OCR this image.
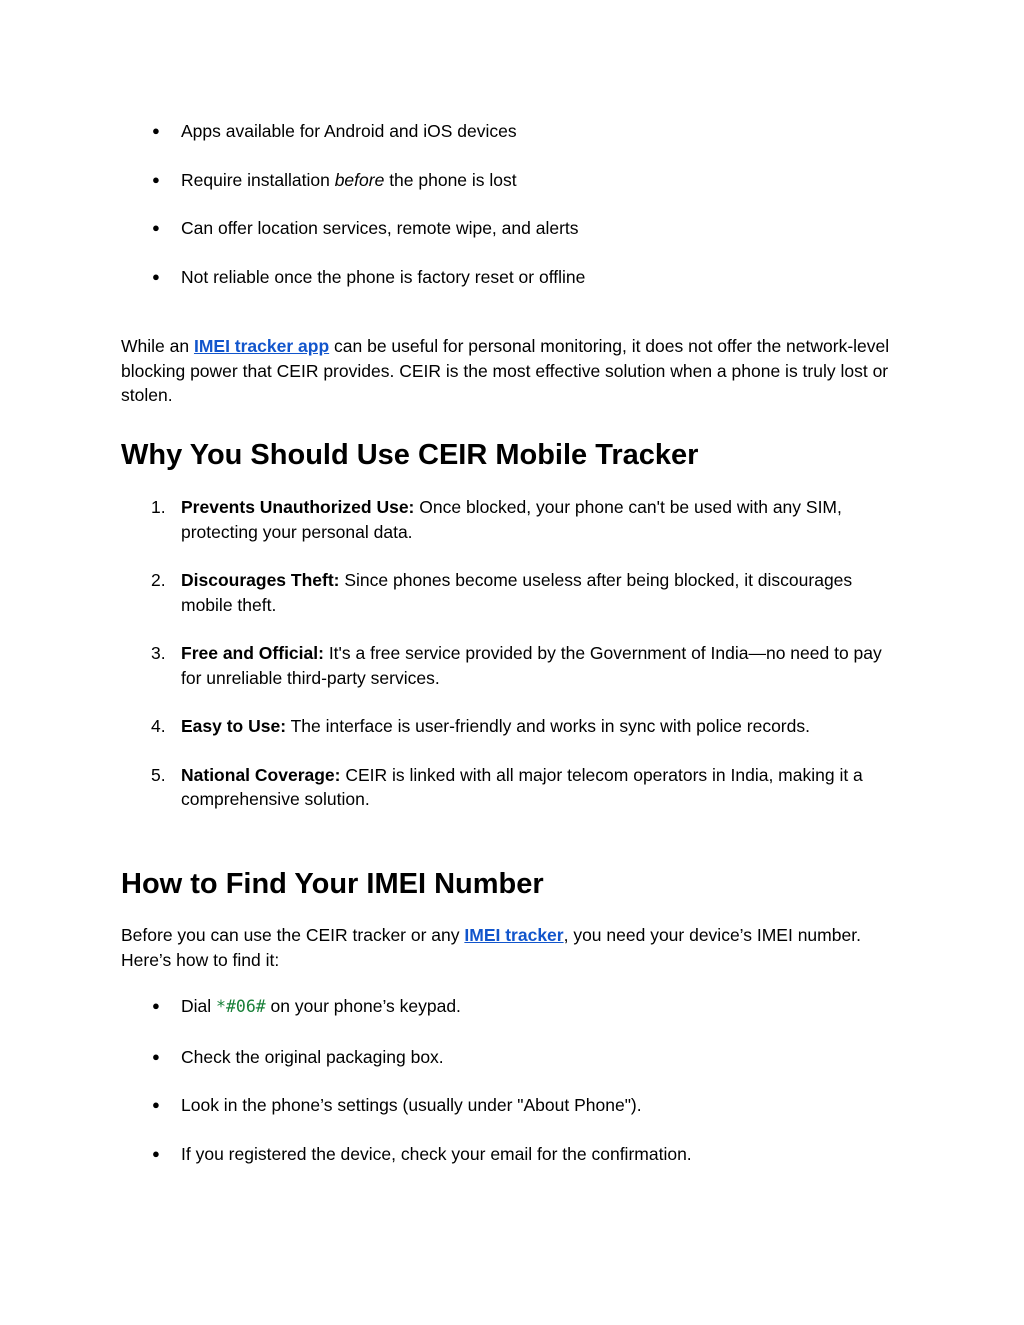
● Apps available for Android and iOS devices
● Require installation before the phone is lost
● Can offer location services, remote wipe, and alerts
● Not reliable once the phone is factory reset or offline

While an IMEI tracker app can be useful for personal monitoring, it does not offer the network-level blocking power that CEIR provides. CEIR is the most effective solution when a phone is truly lost or stolen.

Why You Should Use CEIR Mobile Tracker
1. Prevents Unauthorized Use: Once blocked, your phone can't be used with any SIM, protecting your personal data.
2. Discourages Theft: Since phones become useless after being blocked, it discourages mobile theft.
3. Free and Official: It's a free service provided by the Government of India—no need to pay for unreliable third-party services.
4. Easy to Use: The interface is user-friendly and works in sync with police records.
5. National Coverage: CEIR is linked with all major telecom operators in India, making it a comprehensive solution.
How to Find Your IMEI Number

Before you can use the CEIR tracker or any IMEI tracker, you need your device’s IMEI number. Here’s how to find it:

● Dial *#06# on your phone’s keypad.
● Check the original packaging box.
● Look in the phone’s settings (usually under "About Phone").
● If you registered the device, check your email for the confirmation.
